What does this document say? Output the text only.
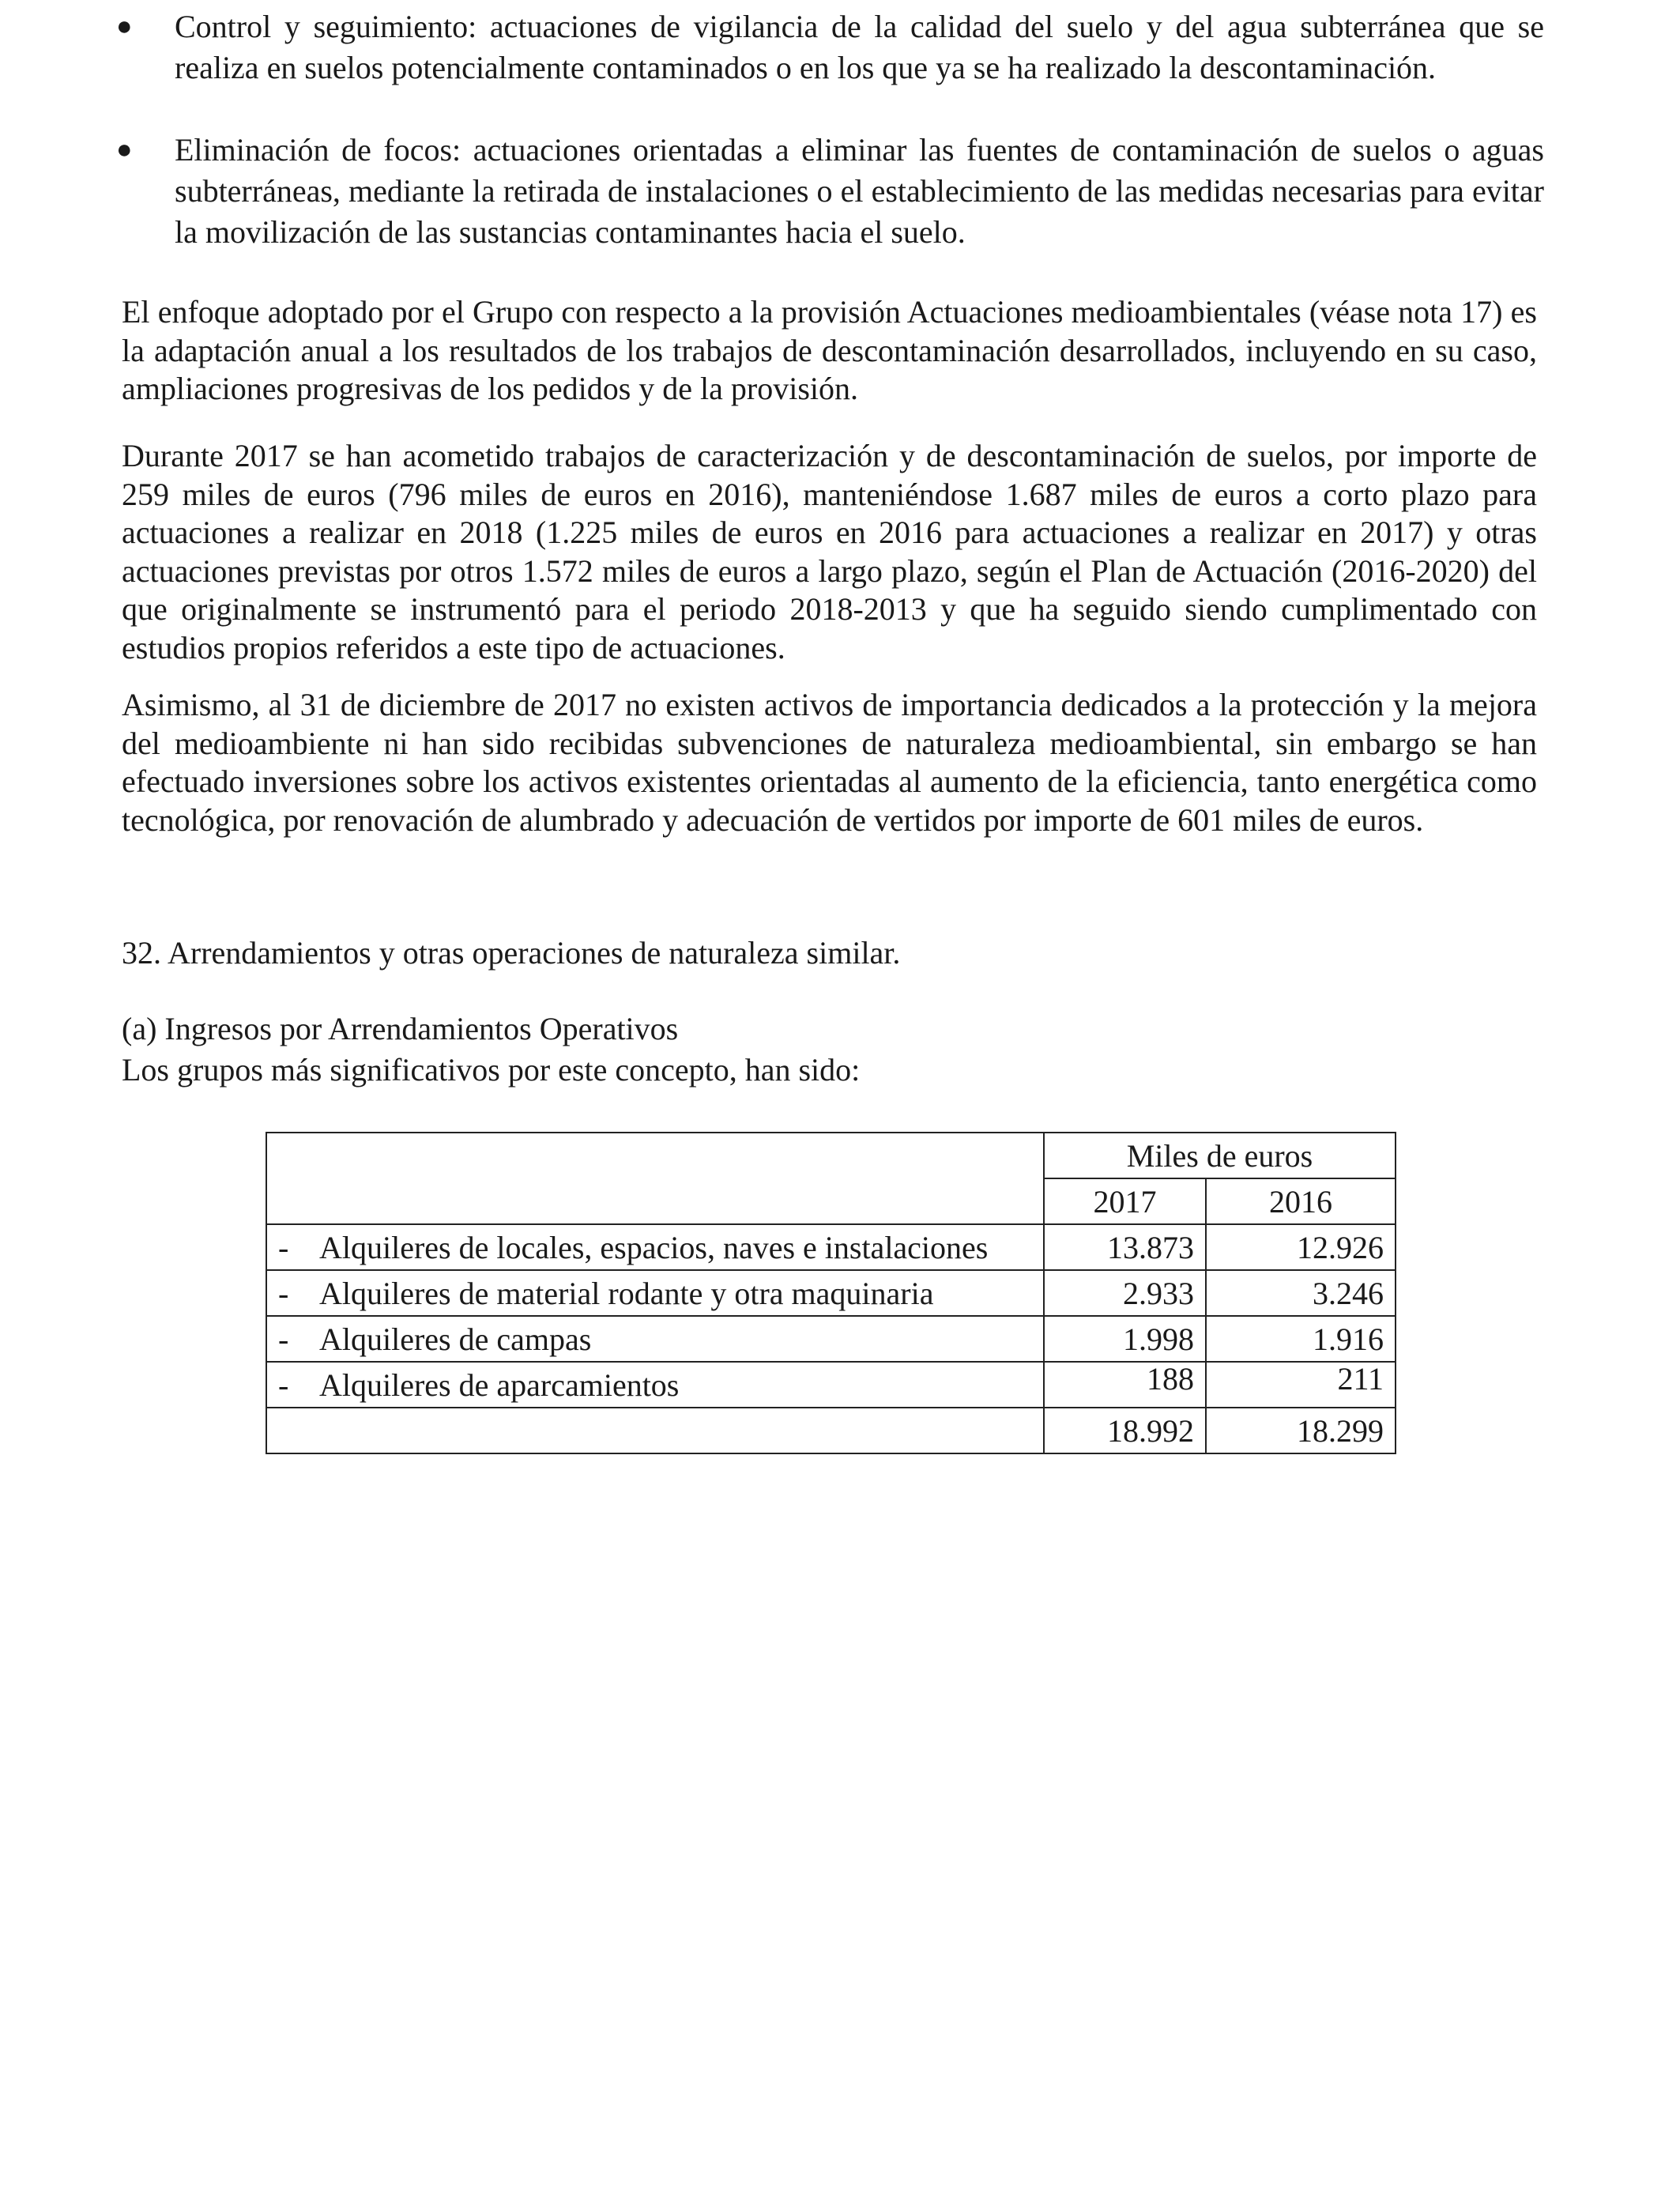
● Control y seguimiento: actuaciones de vigilancia de la calidad del suelo y del agua subterránea que se realiza en suelos potencialmente contaminados o en los que ya se ha realizado la descontaminación.
● Eliminación de focos: actuaciones orientadas a eliminar las fuentes de contaminación de suelos o aguas subterráneas, mediante la retirada de instalaciones o el establecimiento de las medidas necesarias para evitar la movilización de las sustancias contaminantes hacia el suelo.

El enfoque adoptado por el Grupo con respecto a la provisión Actuaciones medioambientales (véase nota 17) es la adaptación anual a los resultados de los trabajos de descontaminación desarrollados, incluyendo en su caso, ampliaciones progresivas de los pedidos y de la provisión.

Durante 2017 se han acometido trabajos de caracterización y de descontaminación de suelos, por importe de 259 miles de euros (796 miles de euros en 2016), manteniéndose 1.687 miles de euros a corto plazo para actuaciones a realizar en 2018 (1.225 miles de euros en 2016 para actuaciones a realizar en 2017) y otras actuaciones previstas por otros 1.572 miles de euros a largo plazo, según el Plan de Actuación (2016-2020) del que originalmente se instrumentó para el periodo 2018-2013 y que ha seguido siendo cumplimentado con estudios propios referidos a este tipo de actuaciones.

Asimismo, al 31 de diciembre de 2017 no existen activos de importancia dedicados a la protección y la mejora del medioambiente ni han sido recibidas subvenciones de naturaleza medioambiental, sin embargo se han efectuado inversiones sobre los activos existentes orientadas al aumento de la eficiencia, tanto energética como tecnológica, por renovación de alumbrado y adecuación de vertidos por importe de 601 miles de euros.

32. Arrendamientos y otras operaciones de naturaleza similar.
(a) Ingresos por Arrendamientos Operativos
Los grupos más significativos por este concepto, han sido:
	Miles de euros	
	2017	2016
- Alquileres de locales, espacios, naves e instalaciones	13.873	12.926
- Alquileres de material rodante y otra maquinaria	2.933	3.246
- Alquileres de campas	1.998	1.916
- Alquileres de aparcamientos	188	211
	18.992	18.299
